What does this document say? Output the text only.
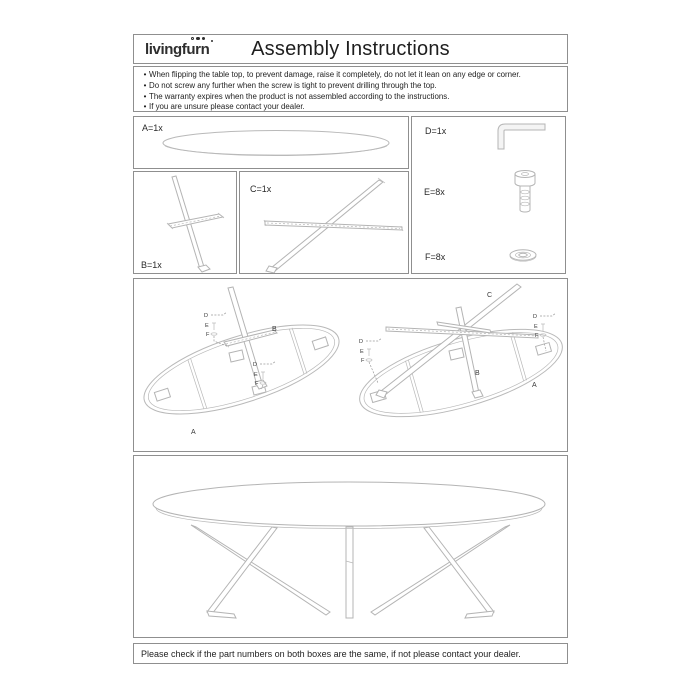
livingfurn Assembly Instructions
• When flipping the table top, to prevent damage, raise it completely, do not let it lean on any edge or corner.
• Do not screw any further when the screw is tight to prevent drilling through the top.
• The warranty expires when the product is not assembled according to the instructions.
• If you are unsure please contact your dealer.
A=1x
B=1x
C=1x
D=1x
E=8x
F=8x
D
E
F
D
E
F
B
A
D
E
F
D
E
F
C
B
A
Please check if the part numbers on both boxes are the same, if not please contact your dealer.
